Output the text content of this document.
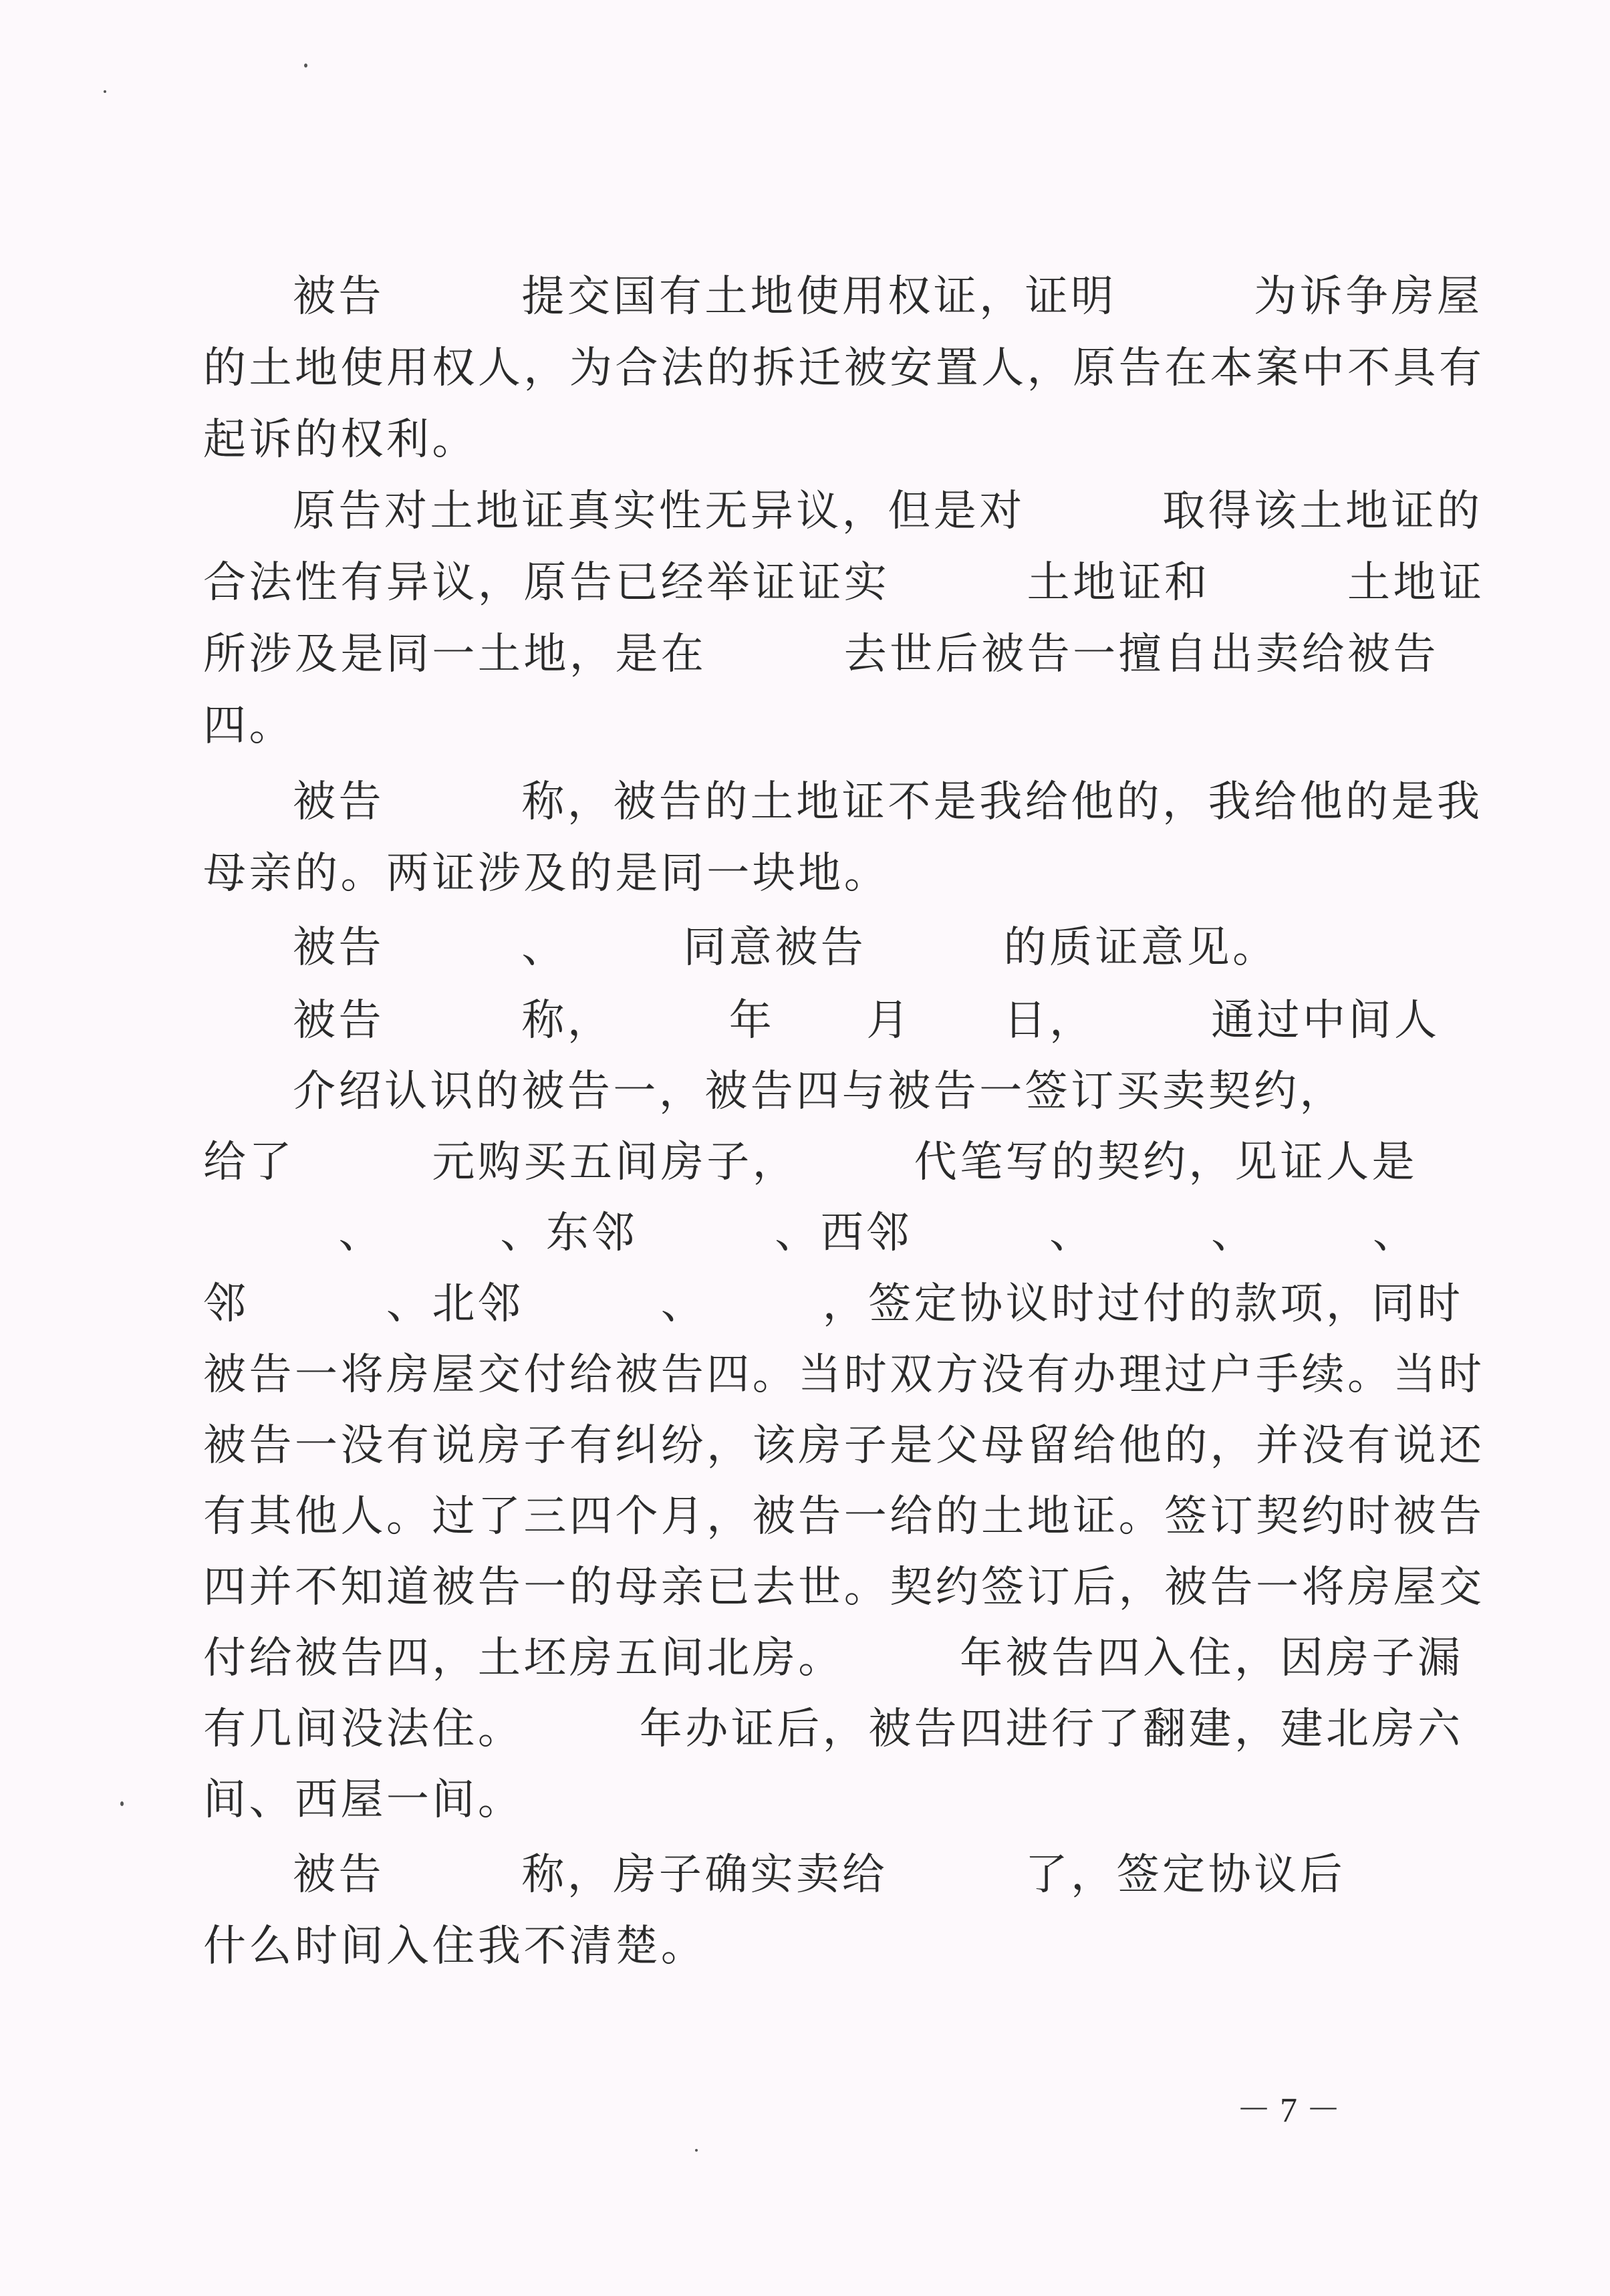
被告　　　提交国有土地使用权证，证明　　　为诉争房屋

的土地使用权人，为合法的拆迁被安置人，原告在本案中不具有

起诉的权利。

原告对土地证真实性无异议，但是对　　　取得该土地证的

合法性有异议，原告已经举证证实　　　土地证和　　　土地证

所涉及是同一土地，是在　　　去世后被告一擅自出卖给被告

四。

被告　　　称，被告的土地证不是我给他的，我给他的是我

母亲的。两证涉及的是同一块地。

被告　　　、　　　同意被告　　　的质证意见。

被告　　　称，　　　年　　月　　日，　　　通过中间人

介绍认识的被告一，被告四与被告一签订买卖契约，

给了　　　元购买五间房子，　　　代笔写的契约，见证人是

　、　　　、东邻　　　、西邻　　　、　　　、　　　、

邻　　　、北邻　　　、　　　，签定协议时过付的款项，同时

被告一将房屋交付给被告四。当时双方没有办理过户手续。当时

被告一没有说房子有纠纷，该房子是父母留给他的，并没有说还

有其他人。过了三四个月，被告一给的土地证。签订契约时被告

四并不知道被告一的母亲已去世。契约签订后，被告一将房屋交

付给被告四，土坯房五间北房。　　　年被告四入住，因房子漏

有几间没法住。　　　年办证后，被告四进行了翻建，建北房六

间、西屋一间。

被告　　　称，房子确实卖给　　　了，签定协议后

什么时间入住我不清楚。

－ 7 －
